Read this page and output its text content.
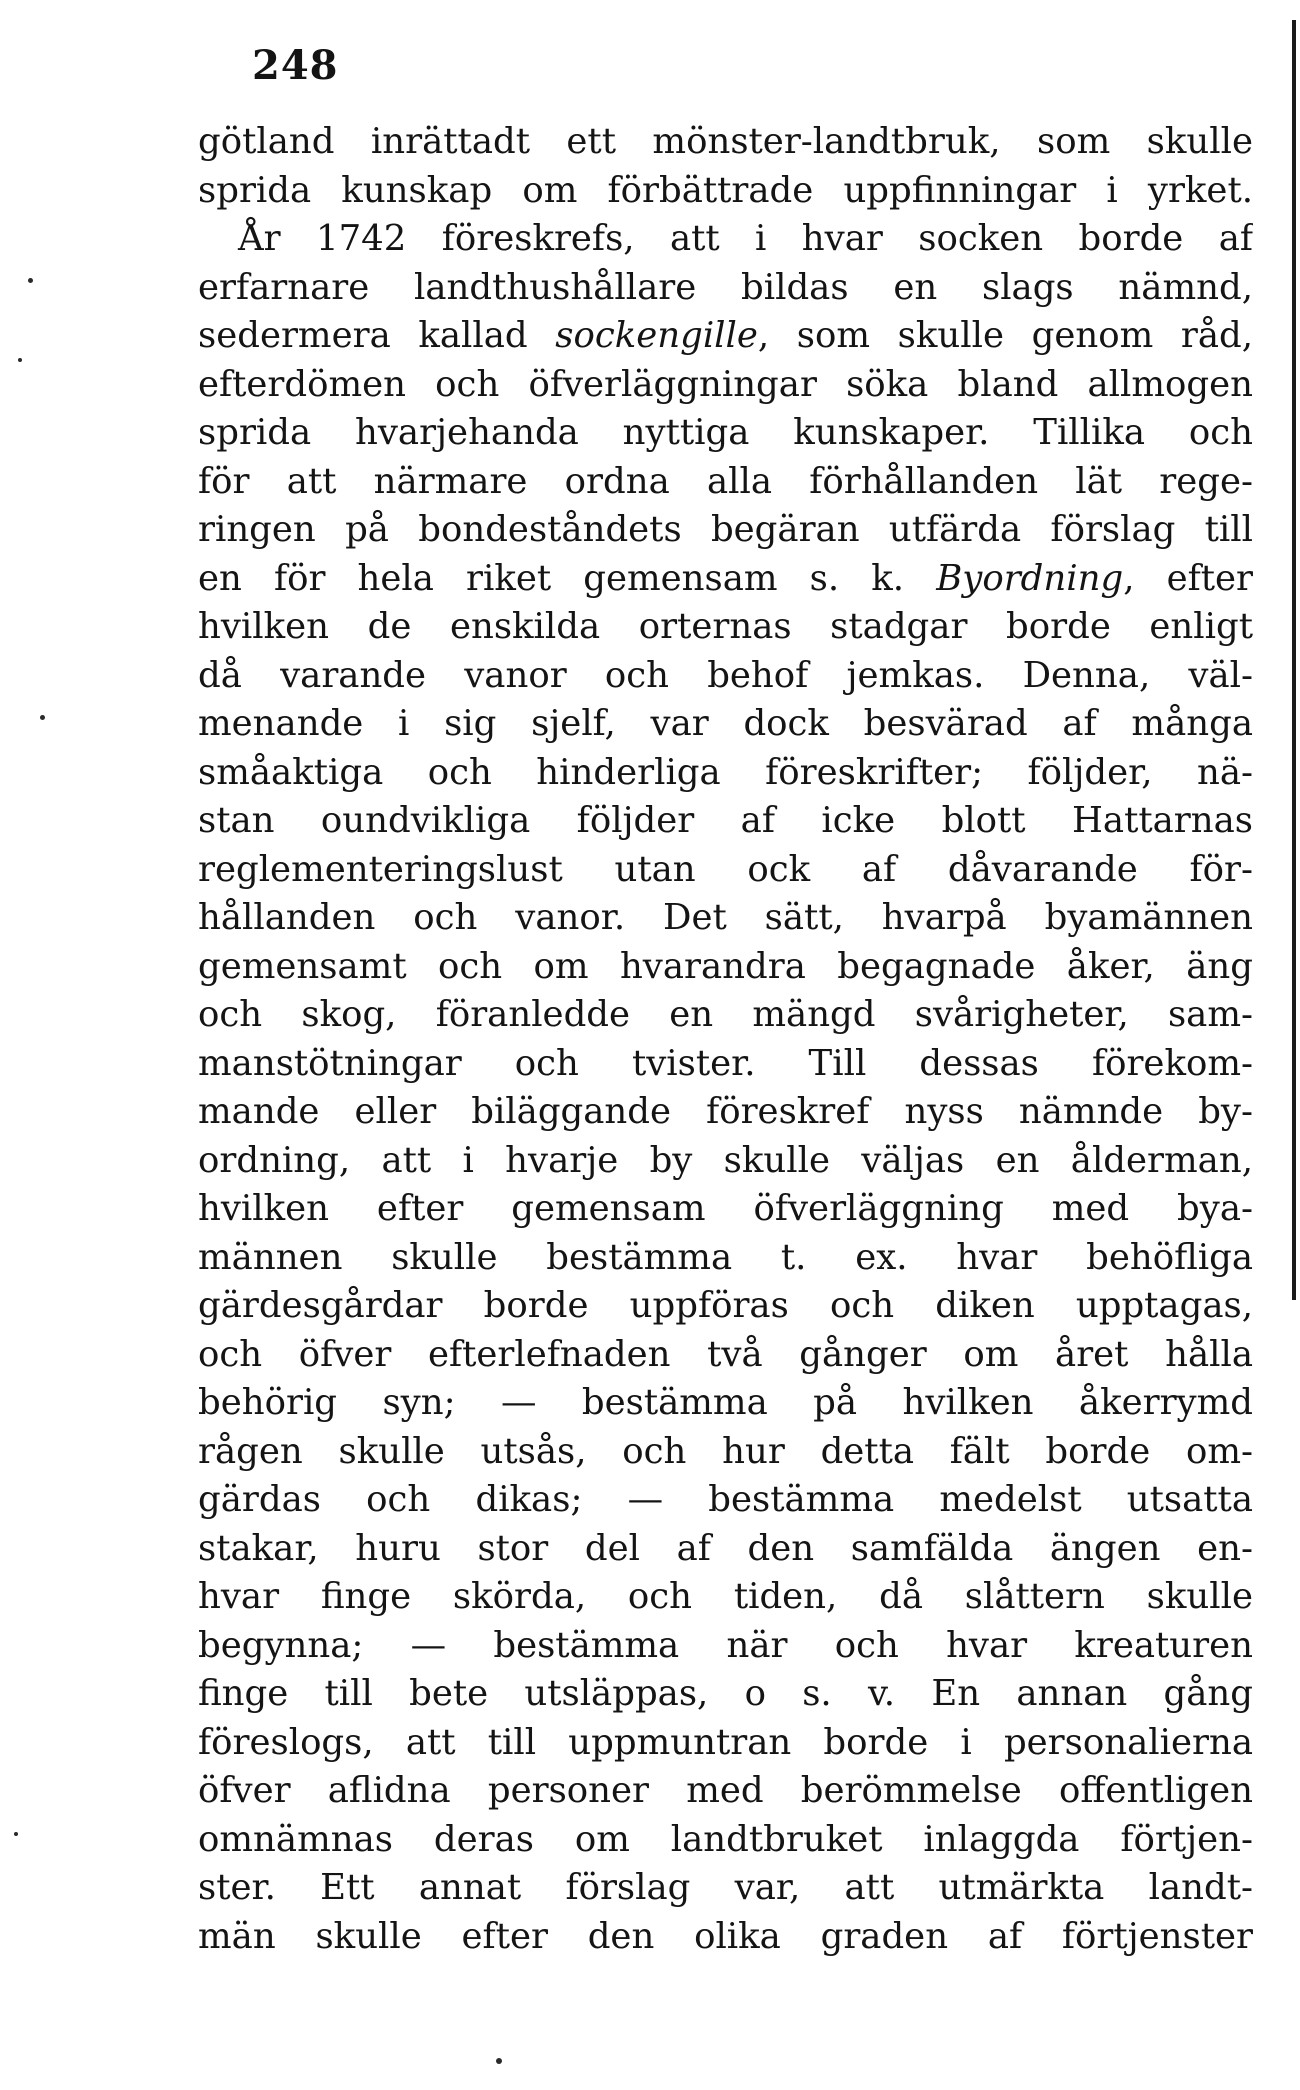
248
götland inrättadt ett mönster-landtbruk, som skulle
sprida kunskap om förbättrade uppfinningar i yrket.
År 1742 föreskrefs, att i hvar socken borde af
erfarnare landthushållare bildas en slags nämnd,
sedermera kallad sockengille, som skulle genom råd,
efterdömen och öfverläggningar söka bland allmogen
sprida hvarjehanda nyttiga kunskaper. Tillika och
för att närmare ordna alla förhållanden lät rege-
ringen på bondeståndets begäran utfärda förslag till
en för hela riket gemensam s. k. Byordning, efter
hvilken de enskilda orternas stadgar borde enligt
då varande vanor och behof jemkas. Denna, väl-
menande i sig sjelf, var dock besvärad af många
småaktiga och hinderliga föreskrifter; följder, nä-
stan oundvikliga följder af icke blott Hattarnas
reglementeringslust utan ock af dåvarande för-
hållanden och vanor. Det sätt, hvarpå byamännen
gemensamt och om hvarandra begagnade åker, äng
och skog, föranledde en mängd svårigheter, sam-
manstötningar och tvister. Till dessas förekom-
mande eller biläggande föreskref nyss nämnde by-
ordning, att i hvarje by skulle väljas en ålderman,
hvilken efter gemensam öfverläggning med bya-
männen skulle bestämma t. ex. hvar behöfliga
gärdesgårdar borde uppföras och diken upptagas,
och öfver efterlefnaden två gånger om året hålla
behörig syn; — bestämma på hvilken åkerrymd
rågen skulle utsås, och hur detta fält borde om-
gärdas och dikas; — bestämma medelst utsatta
stakar, huru stor del af den samfälda ängen en-
hvar finge skörda, och tiden, då slåttern skulle
begynna; — bestämma när och hvar kreaturen
finge till bete utsläppas, o s. v. En annan gång
föreslogs, att till uppmuntran borde i personalierna
öfver aflidna personer med berömmelse offentligen
omnämnas deras om landtbruket inlaggda förtjen-
ster. Ett annat förslag var, att utmärkta landt-
män skulle efter den olika graden af förtjenster
